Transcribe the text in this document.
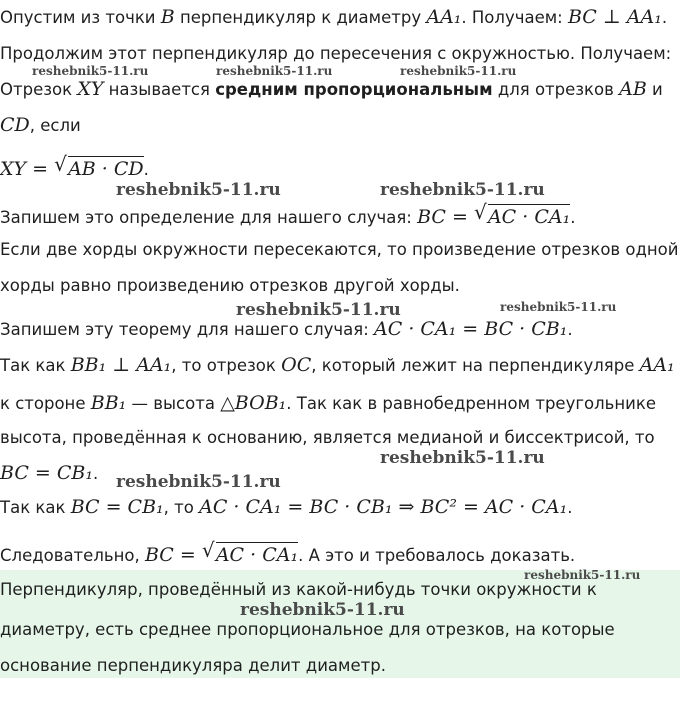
Опустим из точки B перпендикуляр к диаметру AA₁. Получаем: BC ⊥ AA₁.
Продолжим этот перпендикуляр до пересечения с окружностью. Получаем:
Отрезок XY называется средним пропорциональным для отрезков AB и
CD, если
XY = √ AB · CD.
Запишем это определение для нашего случая: BC = √ AC · CA₁.
Если две хорды окружности пересекаются, то произведение отрезков одной
хорды равно произведению отрезков другой хорды.
Запишем эту теорему для нашего случая: AC · CA₁ = BC · CB₁.
Так как BB₁ ⊥ AA₁, то отрезок OC, который лежит на перпендикуляре AA₁
к стороне BB₁ — высота △BOB₁. Так как в равнобедренном треугольнике
высота, проведённая к основанию, является медианой и биссектрисой, то
BC = CB₁.
Так как BC = CB₁, то AC · CA₁ = BC · CB₁ ⇒ BC² = AC · CA₁.
Следовательно, BC = √ AC · CA₁. А это и требовалось доказать.
Перпендикуляр, проведённый из какой-нибудь точки окружности к
диаметру, есть среднее пропорциональное для отрезков, на которые
основание перпендикуляра делит диаметр.
reshebnik5-11.ru	reshebnik5-11.ru	reshebnik5-11.ru
reshebnik5-11.ru	reshebnik5-11.ru
reshebnik5-11.ru	reshebnik5-11.ru
reshebnik5-11.ru
reshebnik5-11.ru
reshebnik5-11.ru
reshebnik5-11.ru
